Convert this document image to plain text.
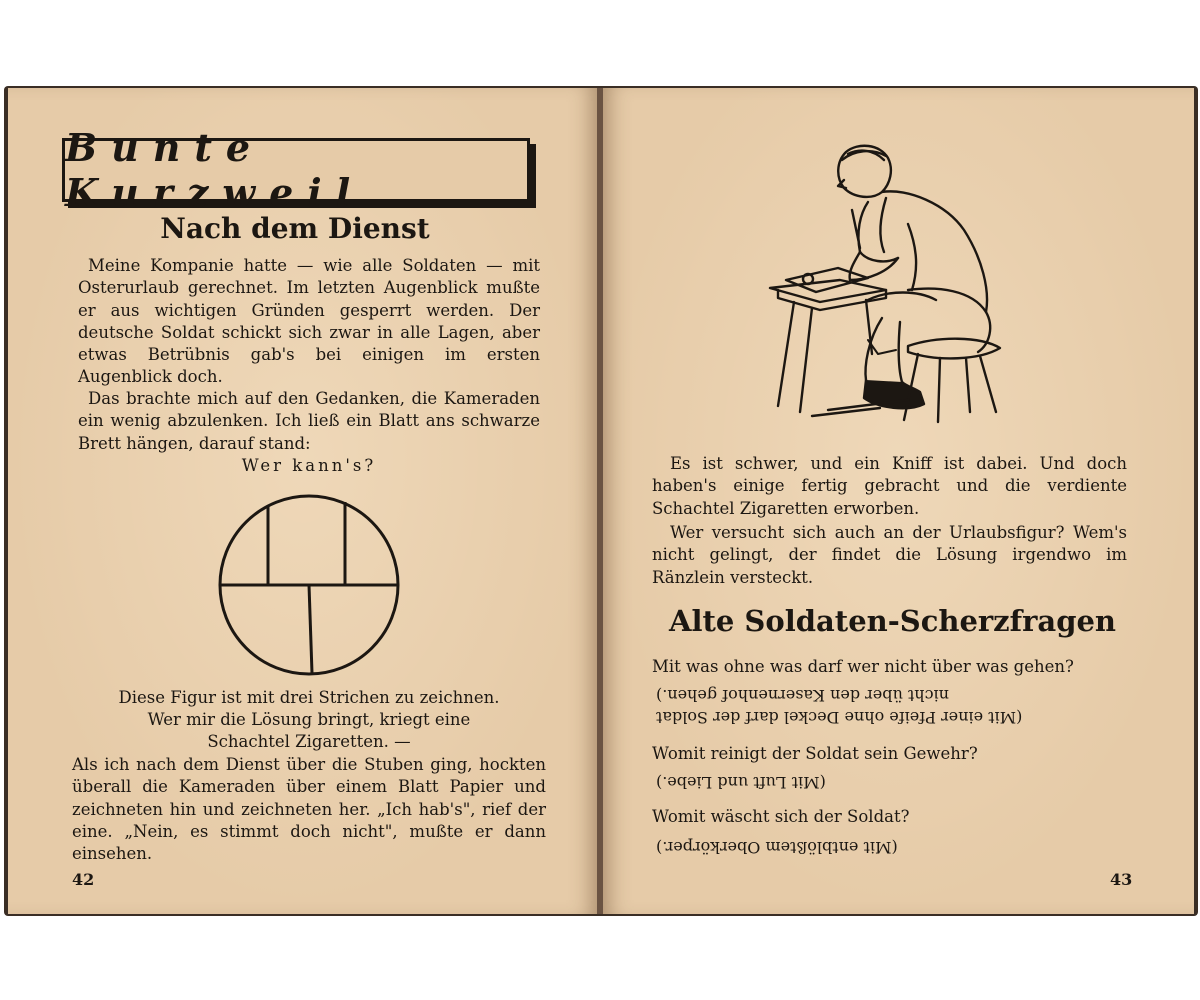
Bunte Kurzweil
Nach dem Dienst

Meine Kompanie hatte — wie alle Soldaten — mit Osterurlaub gerechnet. Im letzten Augenblick mußte er aus wichtigen Gründen gesperrt werden. Der deutsche Soldat schickt sich zwar in alle Lagen, aber etwas Betrübnis gab's bei einigen im ersten Augenblick doch.

Das brachte mich auf den Gedanken, die Kameraden ein wenig abzulenken. Ich ließ ein Blatt ans schwarze Brett hängen, darauf stand:

Wer kann's?

Diese Figur ist mit drei Strichen zu zeichnen.

Wer mir die Lösung bringt, kriegt eine

Schachtel Zigaretten. —

Als ich nach dem Dienst über die Stuben ging, hockten überall die Kameraden über einem Blatt Papier und zeichneten hin und zeichneten her. „Ich hab's", rief der eine. „Nein, es stimmt doch nicht", mußte er dann einsehen.

42

Es ist schwer, und ein Kniff ist dabei. Und doch haben's einige fertig gebracht und die verdiente Schachtel Zigaretten erworben.

Wer versucht sich auch an der Urlaubsfigur? Wem's nicht gelingt, der findet die Lösung irgendwo im Ränzlein versteckt.

Alte Soldaten-Scherzfragen

Mit was ohne was darf wer nicht über was gehen?

(Mit einer Pfeife ohne Deckel darf der Soldat
nicht über den Kasernenhof gehen.)

Womit reinigt der Soldat sein Gewehr?

(Mit Luft und Liebe.)

Womit wäscht sich der Soldat?

(Mit entblößtem Oberkörper.)
43
